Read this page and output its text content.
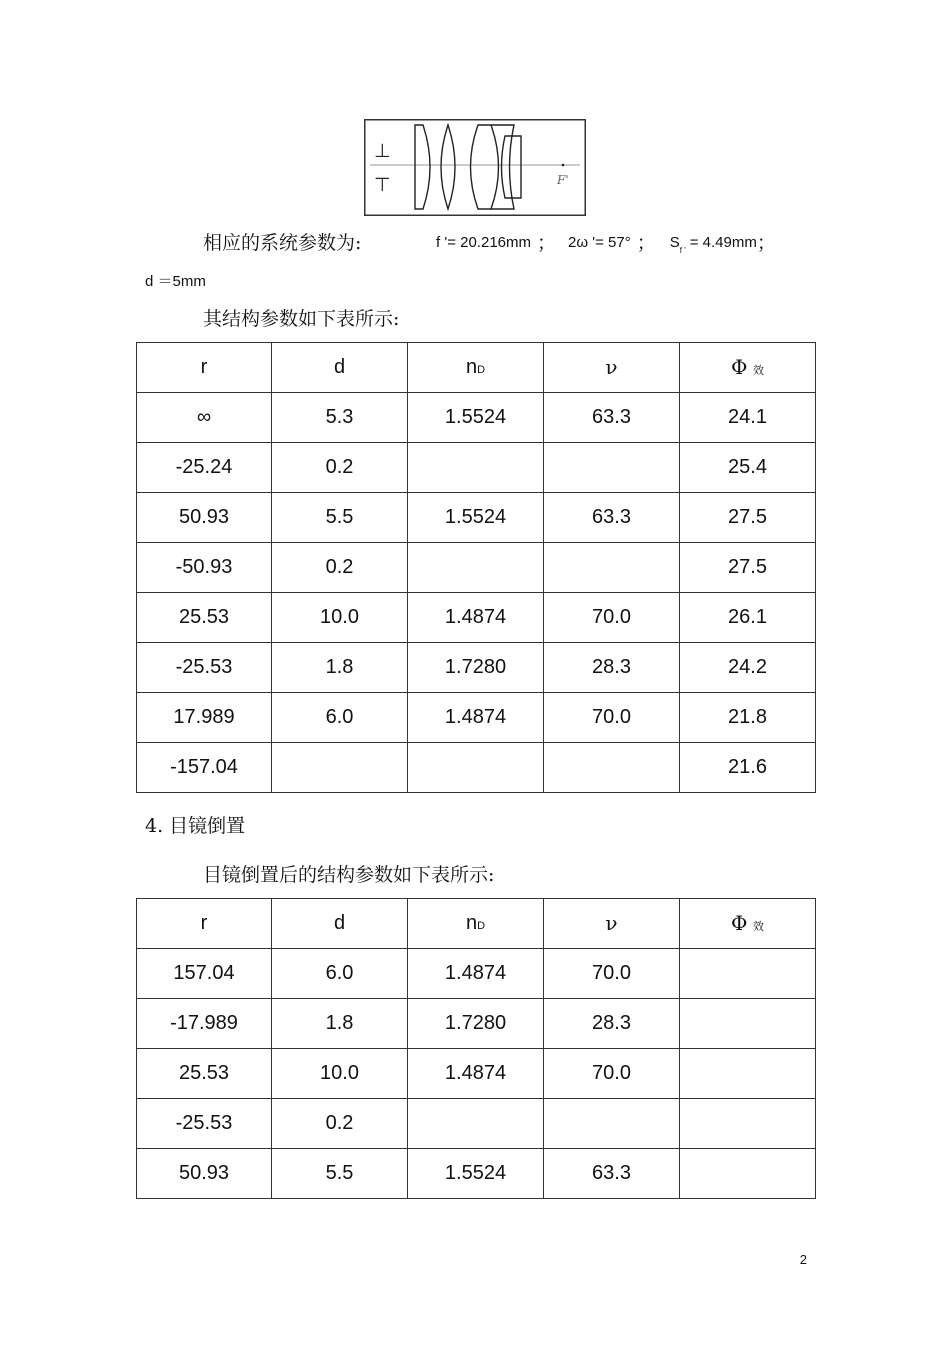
⊥
⊤	F'
相应的系统参数为:	f '= 20.216mm ； 2ω '= 57° ； $S_{f '} = 4.49mm$；
d ＝5mm
其结构参数如下表所示:
r	d	nD	ν	Φ 效
∞	5.3	1.5524	63.3	24.1
-25.24	0.2			25.4
50.93	5.5	1.5524	63.3	27.5
-50.93	0.2			27.5
25.53	10.0	1.4874	70.0	26.1
-25.53	1.8	1.7280	28.3	24.2
17.989	6.0	1.4874	70.0	21.8
-157.04				21.6
4. 目镜倒置
目镜倒置后的结构参数如下表所示:
r	d	nD	ν	Φ 效
157.04	6.0	1.4874	70.0	
-17.989	1.8	1.7280	28.3	
25.53	10.0	1.4874	70.0	
-25.53	0.2			
50.93	5.5	1.5524	63.3	
2
